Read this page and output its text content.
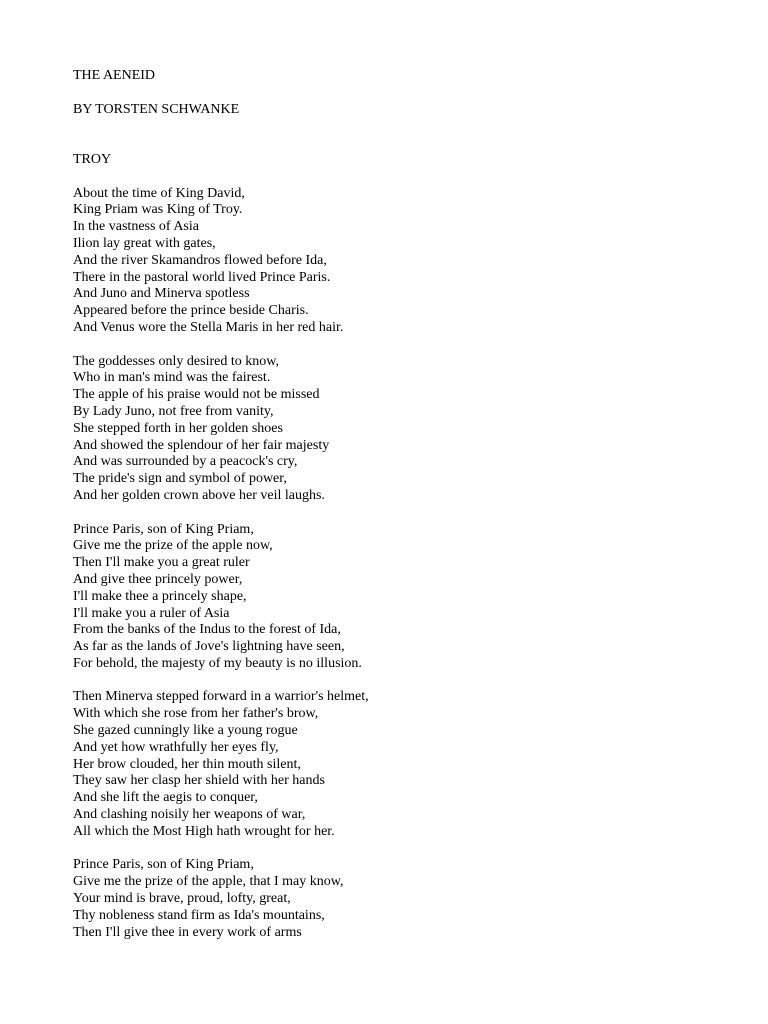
THE AENEID
BY TORSTEN SCHWANKE
TROY
About the time of King David,
King Priam was King of Troy.
In the vastness of Asia
Ilion lay great with gates,
And the river Skamandros flowed before Ida,
There in the pastoral world lived Prince Paris.
And Juno and Minerva spotless
Appeared before the prince beside Charis.
And Venus wore the Stella Maris in her red hair.
The goddesses only desired to know,
Who in man's mind was the fairest.
The apple of his praise would not be missed
By Lady Juno, not free from vanity,
She stepped forth in her golden shoes
And showed the splendour of her fair majesty
And was surrounded by a peacock's cry,
The pride's sign and symbol of power,
And her golden crown above her veil laughs.
Prince Paris, son of King Priam,
Give me the prize of the apple now,
Then I'll make you a great ruler
And give thee princely power,
I'll make thee a princely shape,
I'll make you a ruler of Asia
From the banks of the Indus to the forest of Ida,
As far as the lands of Jove's lightning have seen,
For behold, the majesty of my beauty is no illusion.
Then Minerva stepped forward in a warrior's helmet,
With which she rose from her father's brow,
She gazed cunningly like a young rogue
And yet how wrathfully her eyes fly,
Her brow clouded, her thin mouth silent,
They saw her clasp her shield with her hands
And she lift the aegis to conquer,
And clashing noisily her weapons of war,
All which the Most High hath wrought for her.
Prince Paris, son of King Priam,
Give me the prize of the apple, that I may know,
Your mind is brave, proud, lofty, great,
Thy nobleness stand firm as Ida's mountains,
Then I'll give thee in every work of arms
